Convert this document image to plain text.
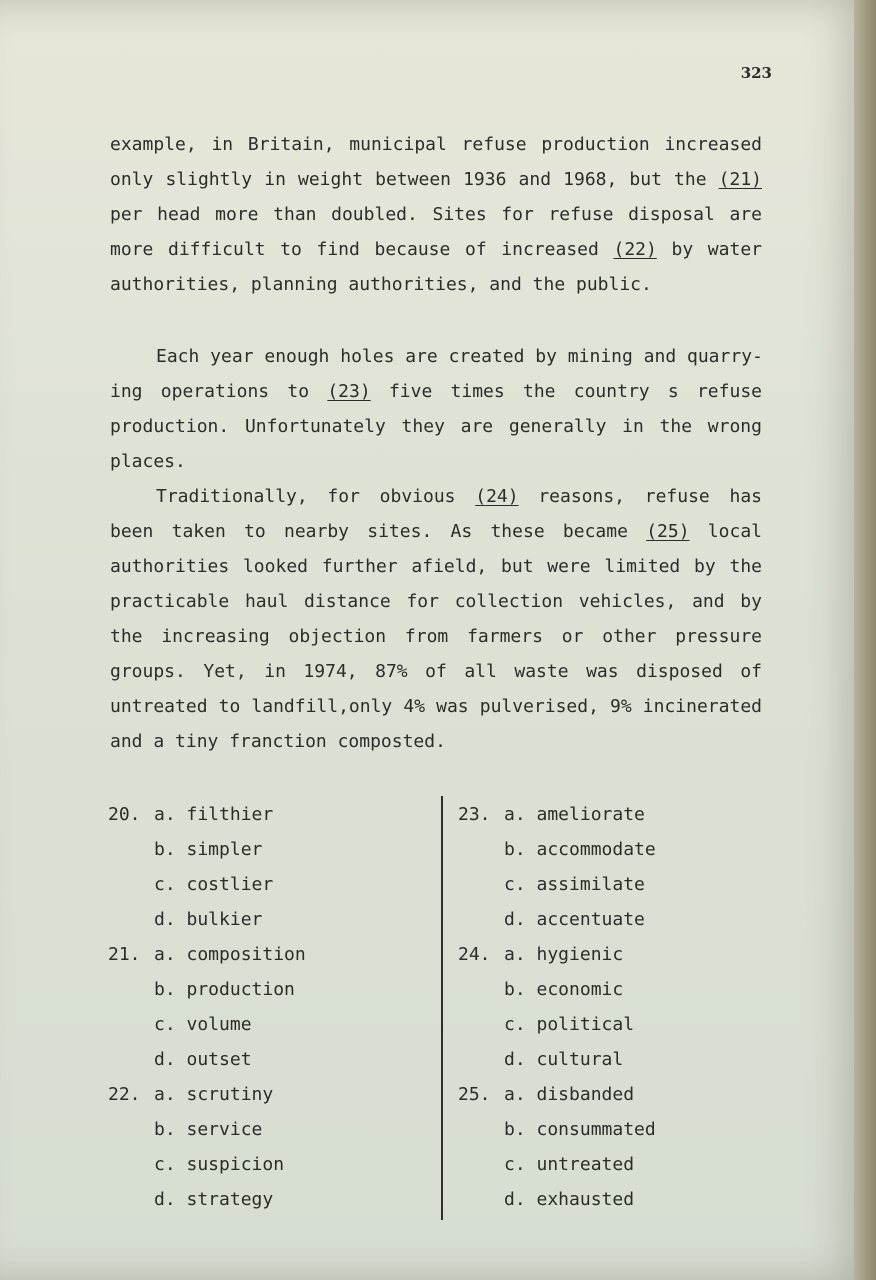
323
example, in Britain, municipal refuse production increased
only slightly in weight between 1936 and 1968, but the (21)
per head more than doubled. Sites for refuse disposal are
more difficult to find because of increased (22) by water
authorities, planning authorities, and the public.
Each year enough holes are created by mining and quarry-
ing operations to (23) five times the country s refuse
production. Unfortunately they are generally in the wrong
places.
Traditionally, for obvious (24) reasons, refuse has
been taken to nearby sites. As these became (25) local
authorities looked further afield, but were limited by the
practicable haul distance for collection vehicles, and by
the increasing objection from farmers or other pressure
groups. Yet, in 1974, 87% of all waste was disposed of
untreated to landfill,only 4% was pulverised, 9% incinerated
and a tiny franction composted.
20. a. filthier
b. simpler
c. costlier
d. bulkier
21. a. composition
b. production
c. volume
d. outset
22. a. scrutiny
b. service
c. suspicion
d. strategy
23. a. ameliorate
b. accommodate
c. assimilate
d. accentuate
24. a. hygienic
b. economic
c. political
d. cultural
25. a. disbanded
b. consummated
c. untreated
d. exhausted
